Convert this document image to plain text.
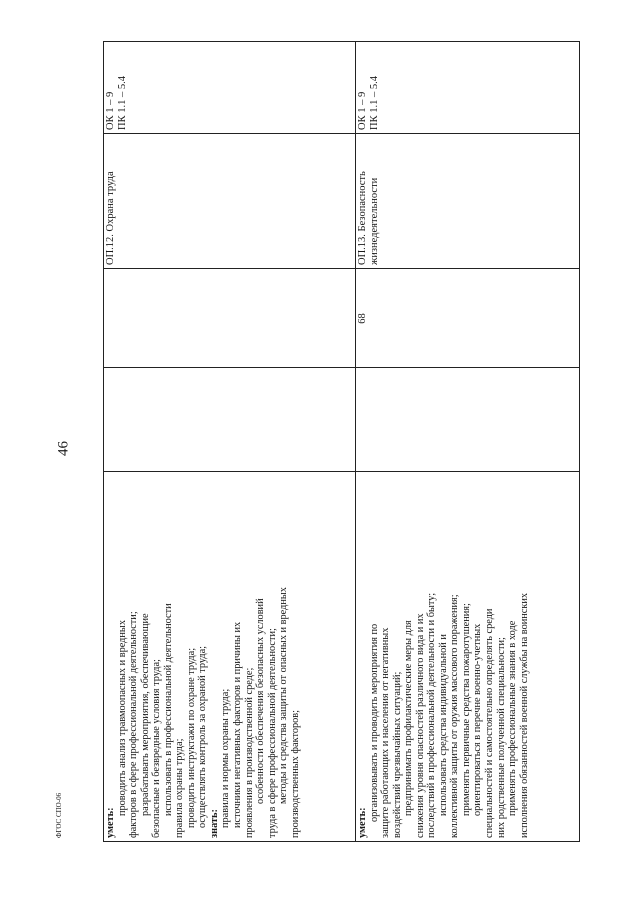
46
ФГОС СПО-06	уметь:
проводить анализ травмоопасных и вредных факторов в сфере профессиональной деятельности; разрабатывать мероприятия, обеспечивающие безопасные и безвредные условия труда; использовать в профессиональной деятельности правила охраны труда; проводить инструктажи по охране труда; осуществлять контроль за охраной труда; знать: правила и нормы охраны труда; источники негативных факторов и причины их проявления в производственной среде; особенности обеспечения безопасных условий труда в сфере профессиональной деятельности; методы и средства защиты от опасных и вредных производственных факторов;
ОП.12. Охрана труда
ОК 1 – 9 ПК 1.1 – 5.4
уметь:
организовывать и проводить мероприятия по защите работающих и населения от негативных воздействий чрезвычайных ситуаций; предпринимать профилактические меры для снижения уровня опасностей различного вида и их последствий в профессиональной деятельности и быту; использовать средства индивидуальной и коллективной защиты от оружия массового поражения; применять первичные средства пожаротушения; ориентироваться в перечне военно-учетных специальностей и самостоятельно определять среди них родственные полученной специальности; применять профессиональные знания в ходе исполнения обязанностей военной службы на воинских
68
ОП.13. Безопасность жизнедеятельности
ОК 1 – 9 ПК 1.1 – 5.4
